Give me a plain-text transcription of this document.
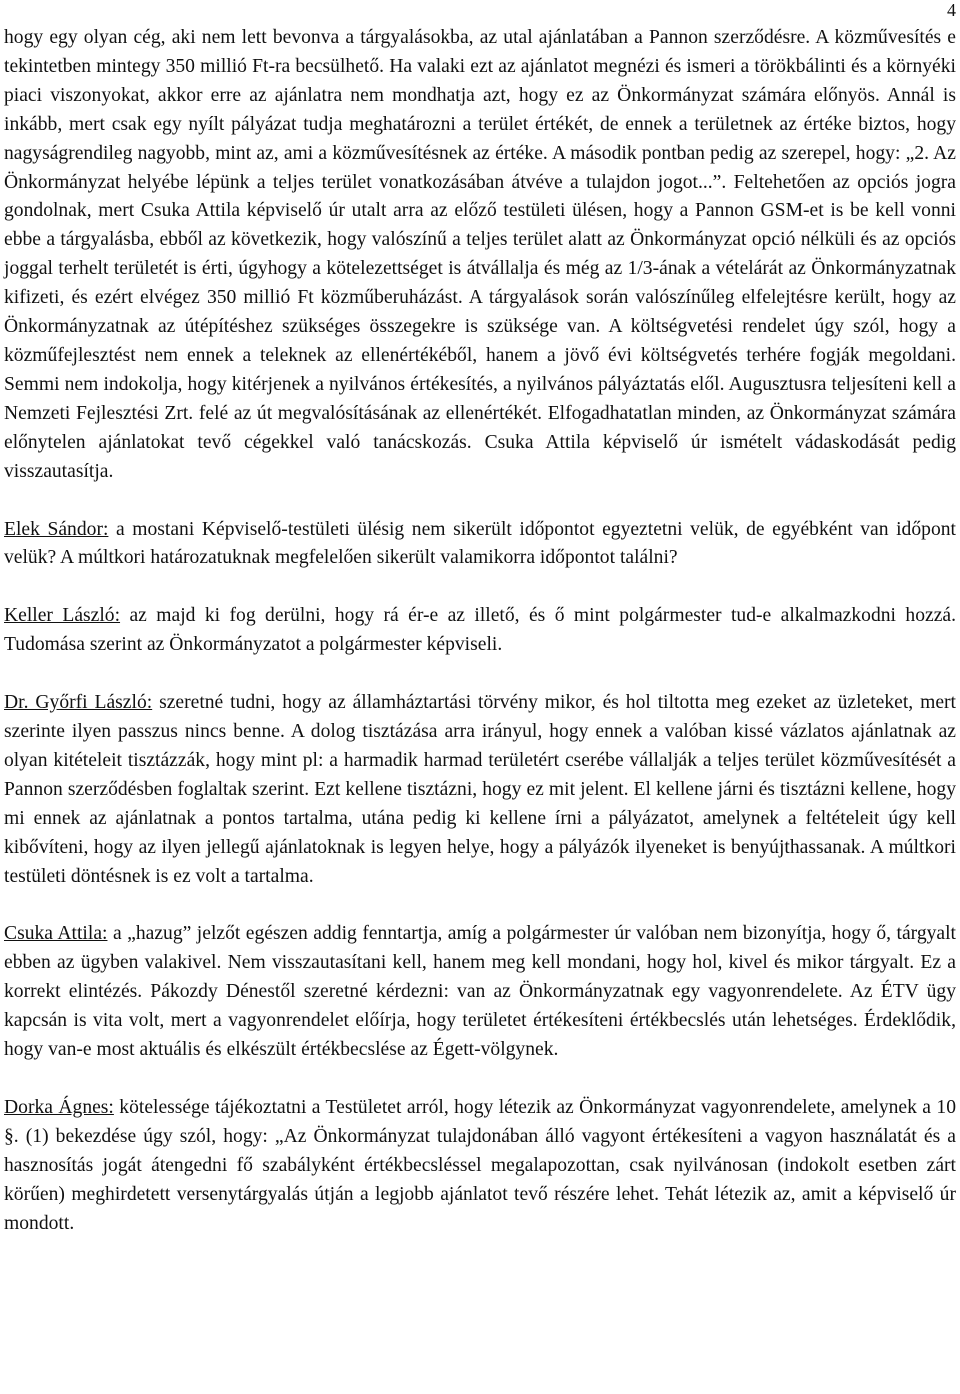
4

hogy egy olyan cég, aki nem lett bevonva a tárgyalásokba, az utal ajánlatában a Pannon szerződésre. A közművesítés e tekintetben mintegy 350 millió Ft-ra becsülhető. Ha valaki ezt az ajánlatot megnézi és ismeri a törökbálinti és a környéki piaci viszonyokat, akkor erre az ajánlatra nem mondhatja azt, hogy ez az Önkormányzat számára előnyös. Annál is inkább, mert csak egy nyílt pályázat tudja meghatározni a terület értékét, de ennek a területnek az értéke biztos, hogy nagyságrendileg nagyobb, mint az, ami a közművesítésnek az értéke. A második pontban pedig az szerepel, hogy: „2. Az Önkormányzat helyébe lépünk a teljes terület vonatkozásában átvéve a tulajdon jogot...”. Feltehetően az opciós jogra gondolnak, mert Csuka Attila képviselő úr utalt arra az előző testületi ülésen, hogy a Pannon GSM-et is be kell vonni ebbe a tárgyalásba, ebből az következik, hogy valószínű a teljes terület alatt az Önkormányzat opció nélküli és az opciós joggal terhelt területét is érti, úgyhogy a kötelezettséget is átvállalja és még az 1/3-ának a vételárát az Önkormányzatnak kifizeti, és ezért elvégez 350 millió Ft közműberuházást. A tárgyalások során valószínűleg elfelejtésre került, hogy az Önkormányzatnak az útépítéshez szükséges összegekre is szüksége van. A költségvetési rendelet úgy szól, hogy a közműfejlesztést nem ennek a teleknek az ellenértékéből, hanem a jövő évi költségvetés terhére fogják megoldani. Semmi nem indokolja, hogy kitérjenek a nyilvános értékesítés, a nyilvános pályáztatás elől. Augusztusra teljesíteni kell a Nemzeti Fejlesztési Zrt. felé az út megvalósításának az ellenértékét. Elfogadhatatlan minden, az Önkormányzat számára előnytelen ajánlatokat tevő cégekkel való tanácskozás. Csuka Attila képviselő úr ismételt vádaskodását pedig visszautasítja.

Elek Sándor: a mostani Képviselő-testületi ülésig nem sikerült időpontot egyeztetni velük, de egyébként van időpont velük? A múltkori határozatuknak megfelelően sikerült valamikorra időpontot találni?

Keller László: az majd ki fog derülni, hogy rá ér-e az illető, és ő mint polgármester tud-e alkalmazkodni hozzá. Tudomása szerint az Önkormányzatot a polgármester képviseli.

Dr. Győrfi László: szeretné tudni, hogy az államháztartási törvény mikor, és hol tiltotta meg ezeket az üzleteket, mert szerinte ilyen passzus nincs benne. A dolog tisztázása arra irányul, hogy ennek a valóban kissé vázlatos ajánlatnak az olyan kitételeit tisztázzák, hogy mint pl: a harmadik harmad területért cserébe vállalják a teljes terület közművesítését a Pannon szerződésben foglaltak szerint. Ezt kellene tisztázni, hogy ez mit jelent. El kellene járni és tisztázni kellene, hogy mi ennek az ajánlatnak a pontos tartalma, utána pedig ki kellene írni a pályázatot, amelynek a feltételeit úgy kell kibővíteni, hogy az ilyen jellegű ajánlatoknak is legyen helye, hogy a pályázók ilyeneket is benyújthassanak. A múltkori testületi döntésnek is ez volt a tartalma.

Csuka Attila: a „hazug” jelzőt egészen addig fenntartja, amíg a polgármester úr valóban nem bizonyítja, hogy ő, tárgyalt ebben az ügyben valakivel. Nem visszautasítani kell, hanem meg kell mondani, hogy hol, kivel és mikor tárgyalt. Ez a korrekt elintézés. Pákozdy Dénestől szeretné kérdezni: van az Önkormányzatnak egy vagyonrendelete. Az ÉTV ügy kapcsán is vita volt, mert a vagyonrendelet előírja, hogy területet értékesíteni értékbecslés után lehetséges. Érdeklődik, hogy van-e most aktuális és elkészült értékbecslése az Égett-völgynek.

Dorka Ágnes: kötelessége tájékoztatni a Testületet arról, hogy létezik az Önkormányzat vagyonrendelete, amelynek a 10 §. (1) bekezdése úgy szól, hogy: „Az Önkormányzat tulajdonában álló vagyont értékesíteni a vagyon használatát és a hasznosítás jogát átengedni fő szabályként értékbecsléssel megalapozottan, csak nyilvánosan (indokolt esetben zárt körűen) meghirdetett versenytárgyalás útján a legjobb ajánlatot tevő részére lehet. Tehát létezik az, amit a képviselő úr mondott.
